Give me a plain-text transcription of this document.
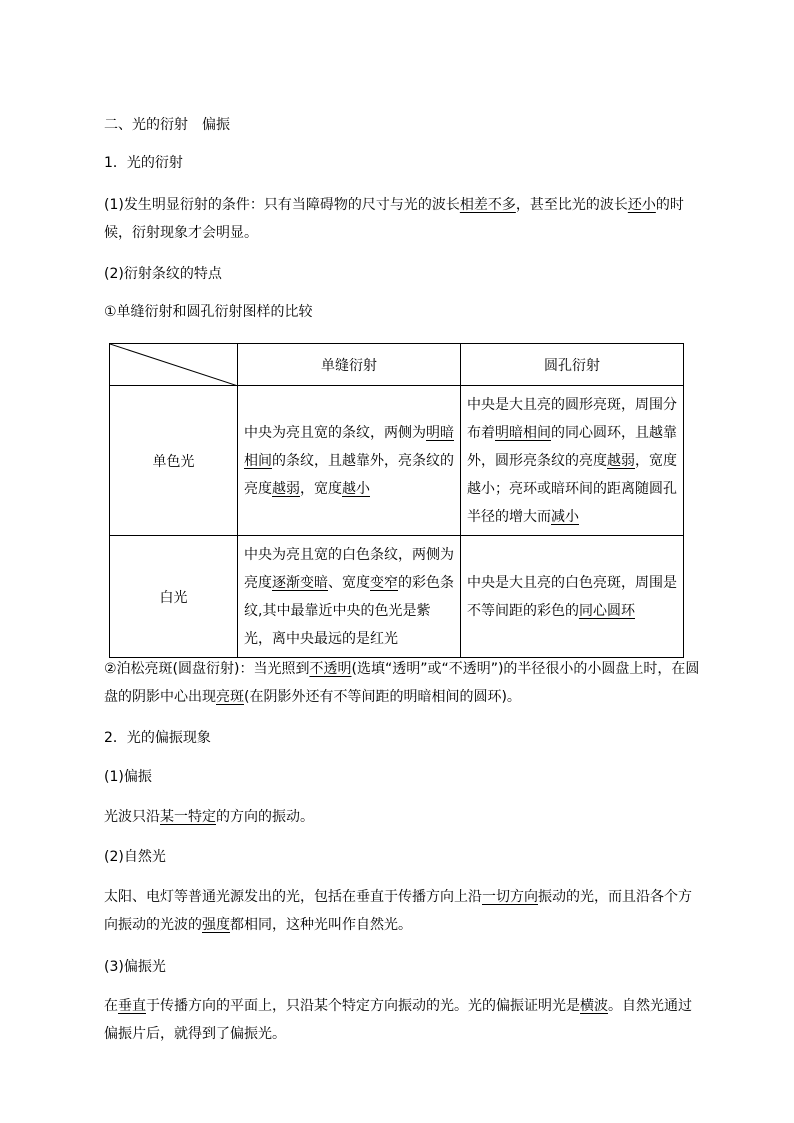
二、光的衍射　偏振
1．光的衍射
(1)发生明显衍射的条件：只有当障碍物的尺寸与光的波长相差不多，甚至比光的波长还小的时候，衍射现象才会明显。
(2)衍射条纹的特点
①单缝衍射和圆孔衍射图样的比较
	单缝衍射	圆孔衍射
单色光	中央为亮且宽的条纹，两侧为明暗相间的条纹，且越靠外，亮条纹的亮度越弱，宽度越小	中央是大且亮的圆形亮斑，周围分布着明暗相间的同心圆环，且越靠外，圆形亮条纹的亮度越弱，宽度越小；亮环或暗环间的距离随圆孔半径的增大而减小
白光	中央为亮且宽的白色条纹，两侧为亮度逐渐变暗、宽度变窄的彩色条纹,其中最靠近中央的色光是紫光，离中央最远的是红光	中央是大且亮的白色亮斑，周围是不等间距的彩色的同心圆环
②泊松亮斑(圆盘衍射)：当光照到不透明(选填“透明”或“不透明”)的半径很小的小圆盘上时，在圆盘的阴影中心出现亮斑(在阴影外还有不等间距的明暗相间的圆环)。
2．光的偏振现象
(1)偏振
光波只沿某一特定的方向的振动。
(2)自然光
太阳、电灯等普通光源发出的光，包括在垂直于传播方向上沿一切方向振动的光，而且沿各个方向振动的光波的强度都相同，这种光叫作自然光。
(3)偏振光
在垂直于传播方向的平面上，只沿某个特定方向振动的光。光的偏振证明光是横波。自然光通过偏振片后，就得到了偏振光。
